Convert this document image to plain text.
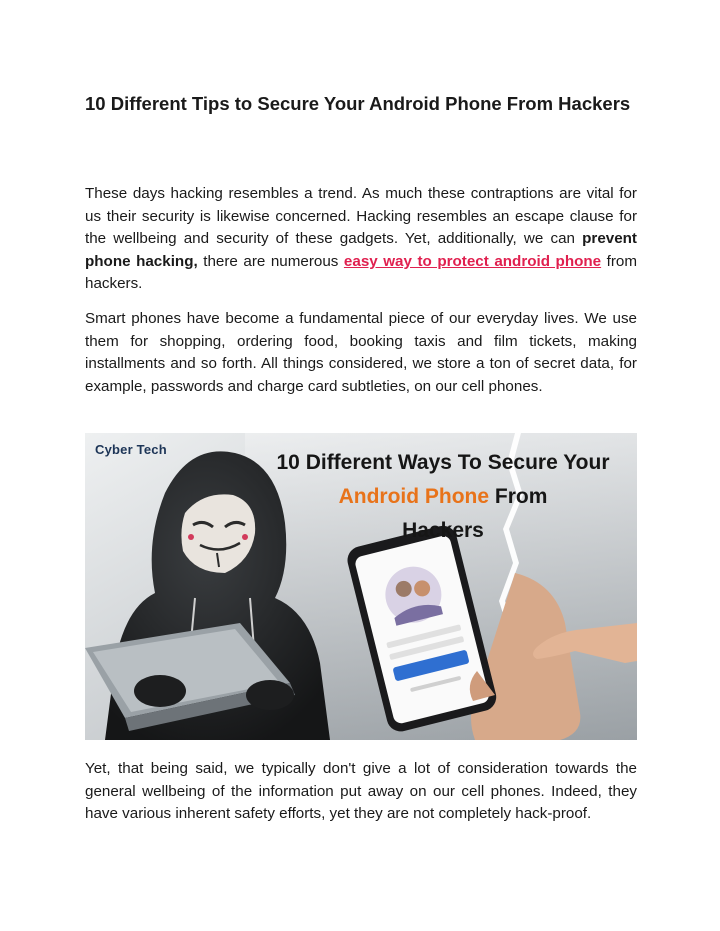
10 Different Tips to Secure Your Android Phone From Hackers

These days hacking resembles a trend. As much these contraptions are vital for us their security is likewise concerned. Hacking resembles an escape clause for the wellbeing and security of these gadgets. Yet, additionally, we can prevent phone hacking, there are numerous easy way to protect android phone from hackers.

Smart phones have become a fundamental piece of our everyday lives. We use them for shopping, ordering food, booking taxis and film tickets, making installments and so forth. All things considered, we store a ton of secret data, for example, passwords and charge card subtleties, on our cell phones.

Cyber Tech
10 Different Ways To Secure Your
Android Phone From
Hackers

Yet, that being said, we typically don't give a lot of consideration towards the general wellbeing of the information put away on our cell phones. Indeed, they have various inherent safety efforts, yet they are not completely hack-proof.
